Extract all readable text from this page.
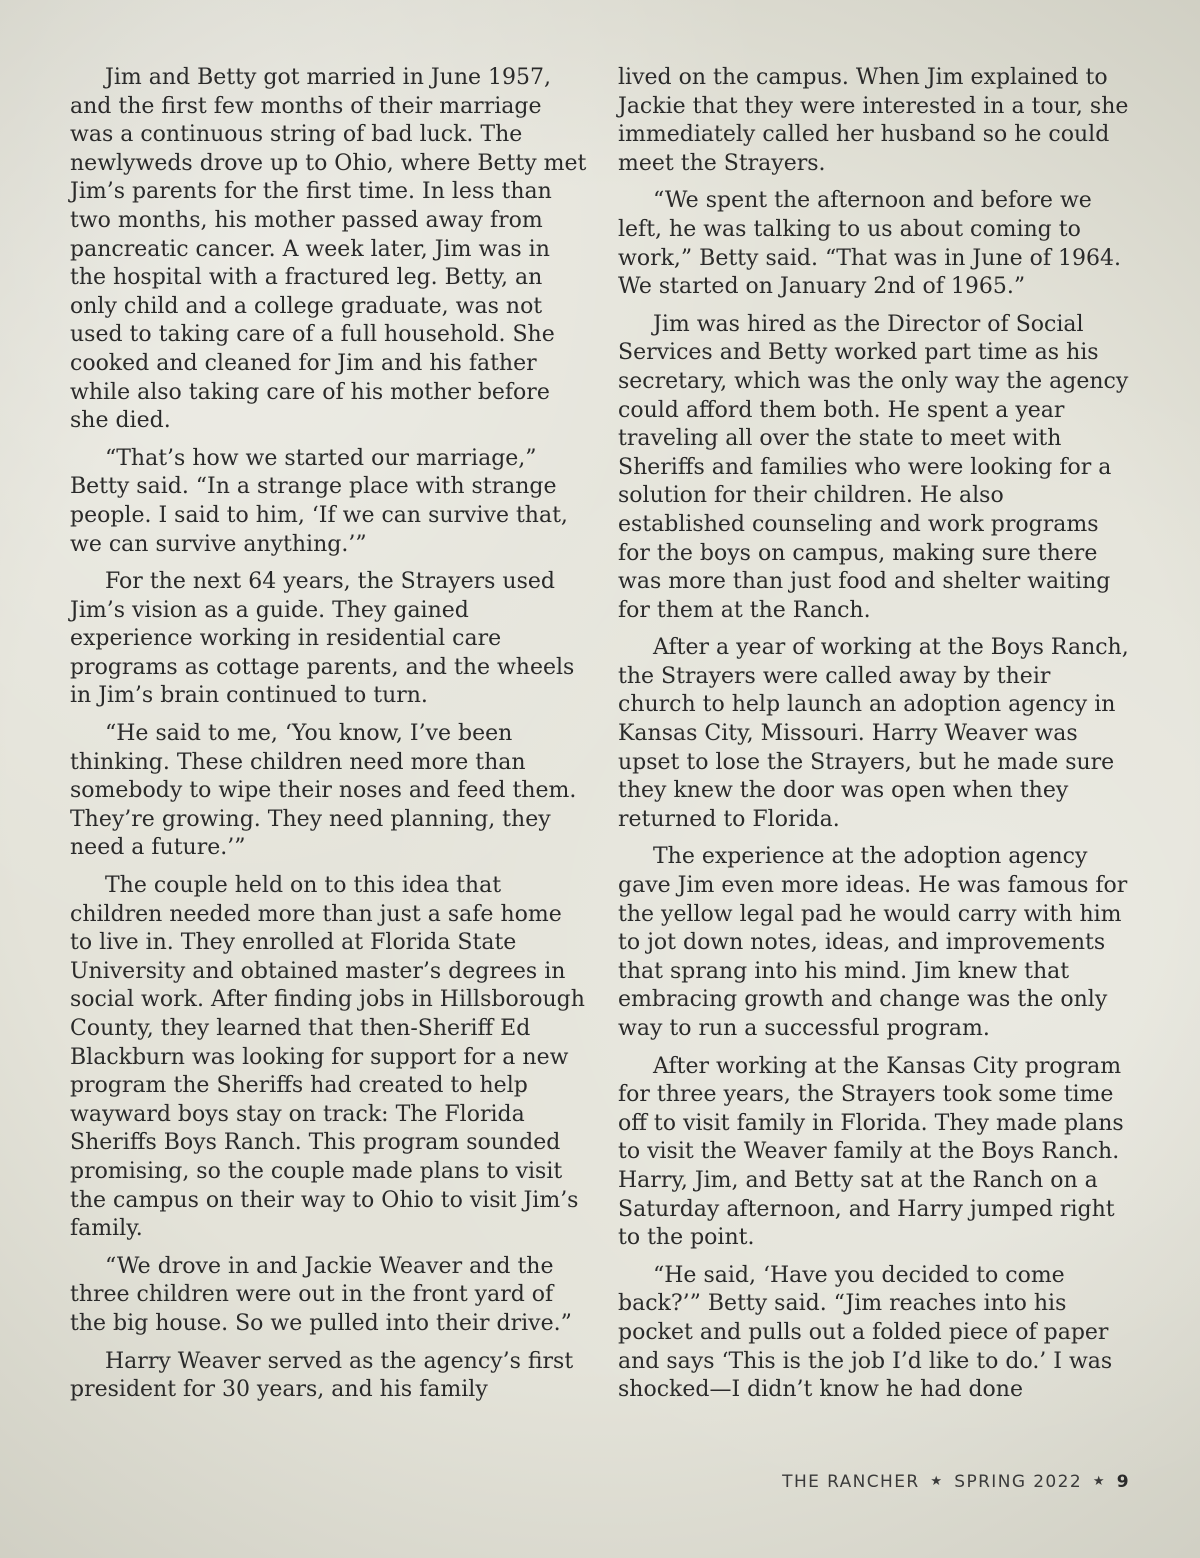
Jim and Betty got married in June 1957, and the first few months of their marriage was a continuous string of bad luck. The newlyweds drove up to Ohio, where Betty met Jim’s parents for the first time. In less than two months, his mother passed away from pancreatic cancer. A week later, Jim was in the hospital with a fractured leg. Betty, an only child and a college graduate, was not used to taking care of a full household. She cooked and cleaned for Jim and his father while also taking care of his mother before she died.

“That’s how we started our marriage,” Betty said. “In a strange place with strange people. I said to him, ‘If we can survive that, we can survive anything.’”

For the next 64 years, the Strayers used Jim’s vision as a guide. They gained experience working in residential care programs as cottage parents, and the wheels in Jim’s brain continued to turn.

“He said to me, ‘You know, I’ve been thinking. These children need more than somebody to wipe their noses and feed them. They’re growing. They need planning, they need a future.’”

The couple held on to this idea that children needed more than just a safe home to live in. They enrolled at Florida State University and obtained master’s degrees in social work. After finding jobs in Hillsborough County, they learned that then-Sheriff Ed Blackburn was looking for support for a new program the Sheriffs had created to help wayward boys stay on track: The Florida Sheriffs Boys Ranch. This program sounded promising, so the couple made plans to visit the campus on their way to Ohio to visit Jim’s family.

“We drove in and Jackie Weaver and the three children were out in the front yard of the big house. So we pulled into their drive.”

Harry Weaver served as the agency’s first president for 30 years, and his family

lived on the campus. When Jim explained to Jackie that they were interested in a tour, she immediately called her husband so he could meet the Strayers.

“We spent the afternoon and before we left, he was talking to us about coming to work,” Betty said. “That was in June of 1964. We started on January 2nd of 1965.”

Jim was hired as the Director of Social Services and Betty worked part time as his secretary, which was the only way the agency could afford them both. He spent a year traveling all over the state to meet with Sheriffs and families who were looking for a solution for their children. He also established counseling and work programs for the boys on campus, making sure there was more than just food and shelter waiting for them at the Ranch.

After a year of working at the Boys Ranch, the Strayers were called away by their church to help launch an adoption agency in Kansas City, Missouri. Harry Weaver was upset to lose the Strayers, but he made sure they knew the door was open when they returned to Florida.

The experience at the adoption agency gave Jim even more ideas. He was famous for the yellow legal pad he would carry with him to jot down notes, ideas, and improvements that sprang into his mind. Jim knew that embracing growth and change was the only way to run a successful program.

After working at the Kansas City program for three years, the Strayers took some time off to visit family in Florida. They made plans to visit the Weaver family at the Boys Ranch. Harry, Jim, and Betty sat at the Ranch on a Saturday afternoon, and Harry jumped right to the point.

“He said, ‘Have you decided to come back?’” Betty said. “Jim reaches into his pocket and pulls out a folded piece of paper and says ‘This is the job I’d like to do.’ I was shocked—I didn’t know he had done

THE RANCHER ★ SPRING 2022 ★ 9
